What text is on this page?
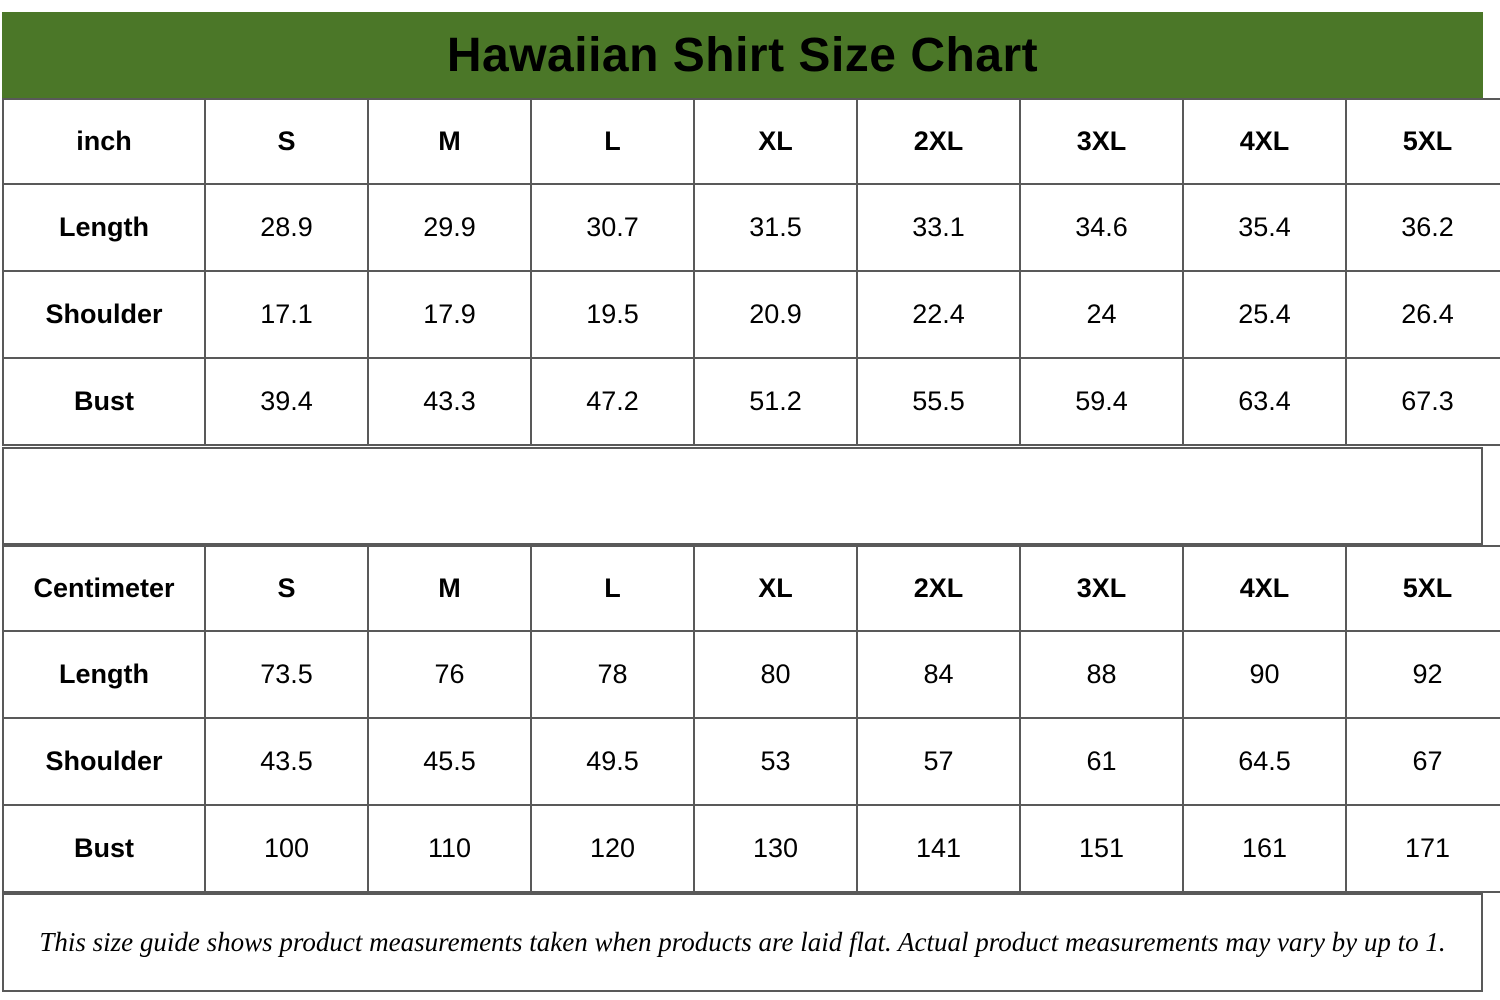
Hawaiian Shirt Size Chart
inch	S	M	L	XL	2XL	3XL	4XL	5XL
Length	28.9	29.9	30.7	31.5	33.1	34.6	35.4	36.2
Shoulder	17.1	17.9	19.5	20.9	22.4	24	25.4	26.4
Bust	39.4	43.3	47.2	51.2	55.5	59.4	63.4	67.3
Centimeter	S	M	L	XL	2XL	3XL	4XL	5XL
Length	73.5	76	78	80	84	88	90	92
Shoulder	43.5	45.5	49.5	53	57	61	64.5	67
Bust	100	110	120	130	141	151	161	171
This size guide shows product measurements taken when products are laid flat. Actual product measurements may vary by up to 1.
